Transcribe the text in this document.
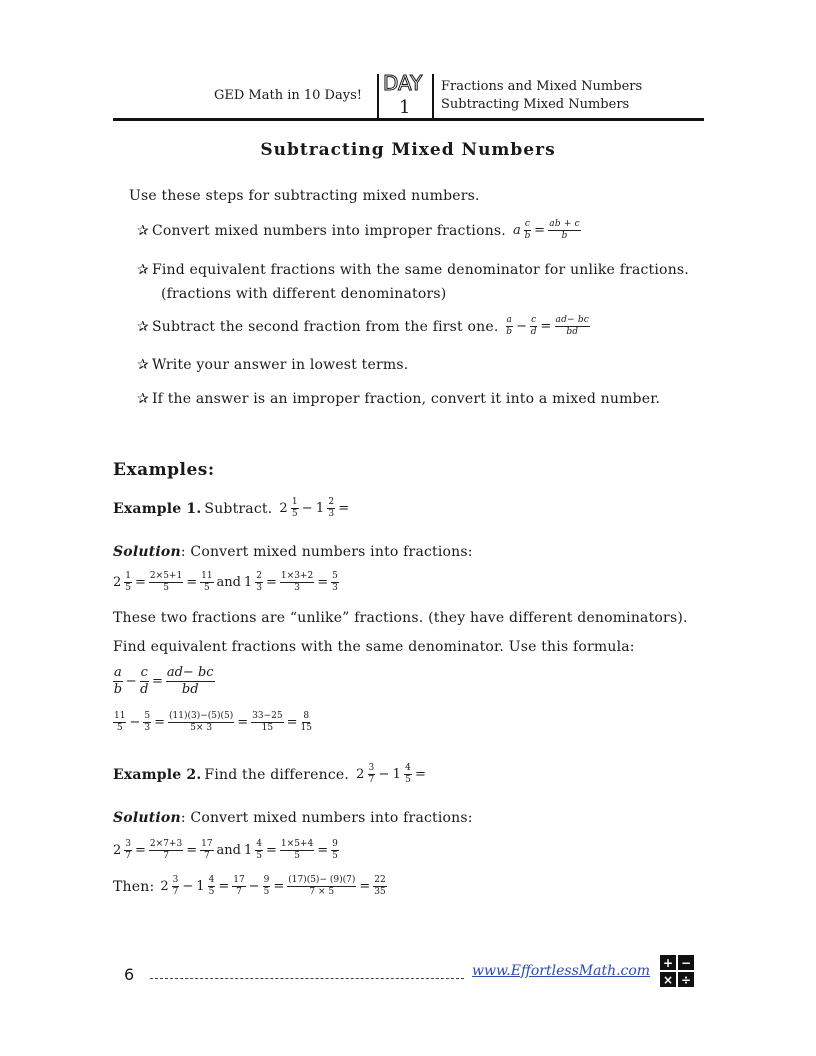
GED Math in 10 Days!
DAY
1
Fractions and Mixed Numbers
Subtracting Mixed Numbers
Subtracting Mixed Numbers
Use these steps for subtracting mixed numbers.
✰ Convert mixed numbers into improper fractions. a $\frac{c}{b} = \frac{ab + c}{b}$
✰ Find equivalent fractions with the same denominator for unlike fractions.
(fractions with different denominators)
✰ Subtract the second fraction from the first one. $\frac{a}{b} - \frac{c}{d} = \frac{ad- bc}{bd}$
✰ Write your answer in lowest terms.
✰ If the answer is an improper fraction, convert it into a mixed number.
Examples:
Example 1. Subtract. $2 \frac{1}{5} - 1 \frac{2}{3}$ =
Solution: Convert mixed numbers into fractions:
$2 \frac{1}{5} = \frac{2\times 5+1}{5} = \frac{11}{5}$ and $1 \frac{2}{3} = \frac{1\times 3+2}{3} = \frac{5}{3}$
These two fractions are “unlike” fractions. (they have different denominators).
Find equivalent fractions with the same denominator. Use this formula:
$\frac{a}{b} - \frac{c}{d} = \frac{ad- bc}{bd}$
$\frac{11}{5} - \frac{5}{3} = \frac{(11)(3)-(5)(5)}{5\times 3} = \frac{33-25}{15} = \frac{8}{15}$
Example 2. Find the difference. $2 \frac{3}{7} - 1 \frac{4}{5}$ =
Solution: Convert mixed numbers into fractions:
$2 \frac{3}{7} = \frac{2\times 7+3}{7} = \frac{17}{7}$ and $1 \frac{4}{5} = \frac{1\times 5+4}{5} = \frac{9}{5}$
Then: $2 \frac{3}{7} - 1 \frac{4}{5} = \frac{17}{7} - \frac{9}{5} = \frac{(17)(5)- (9)(7)}{7 \times 5} = \frac{22}{35}$
6	www.EffortlessMath.com
+ −
× ÷
